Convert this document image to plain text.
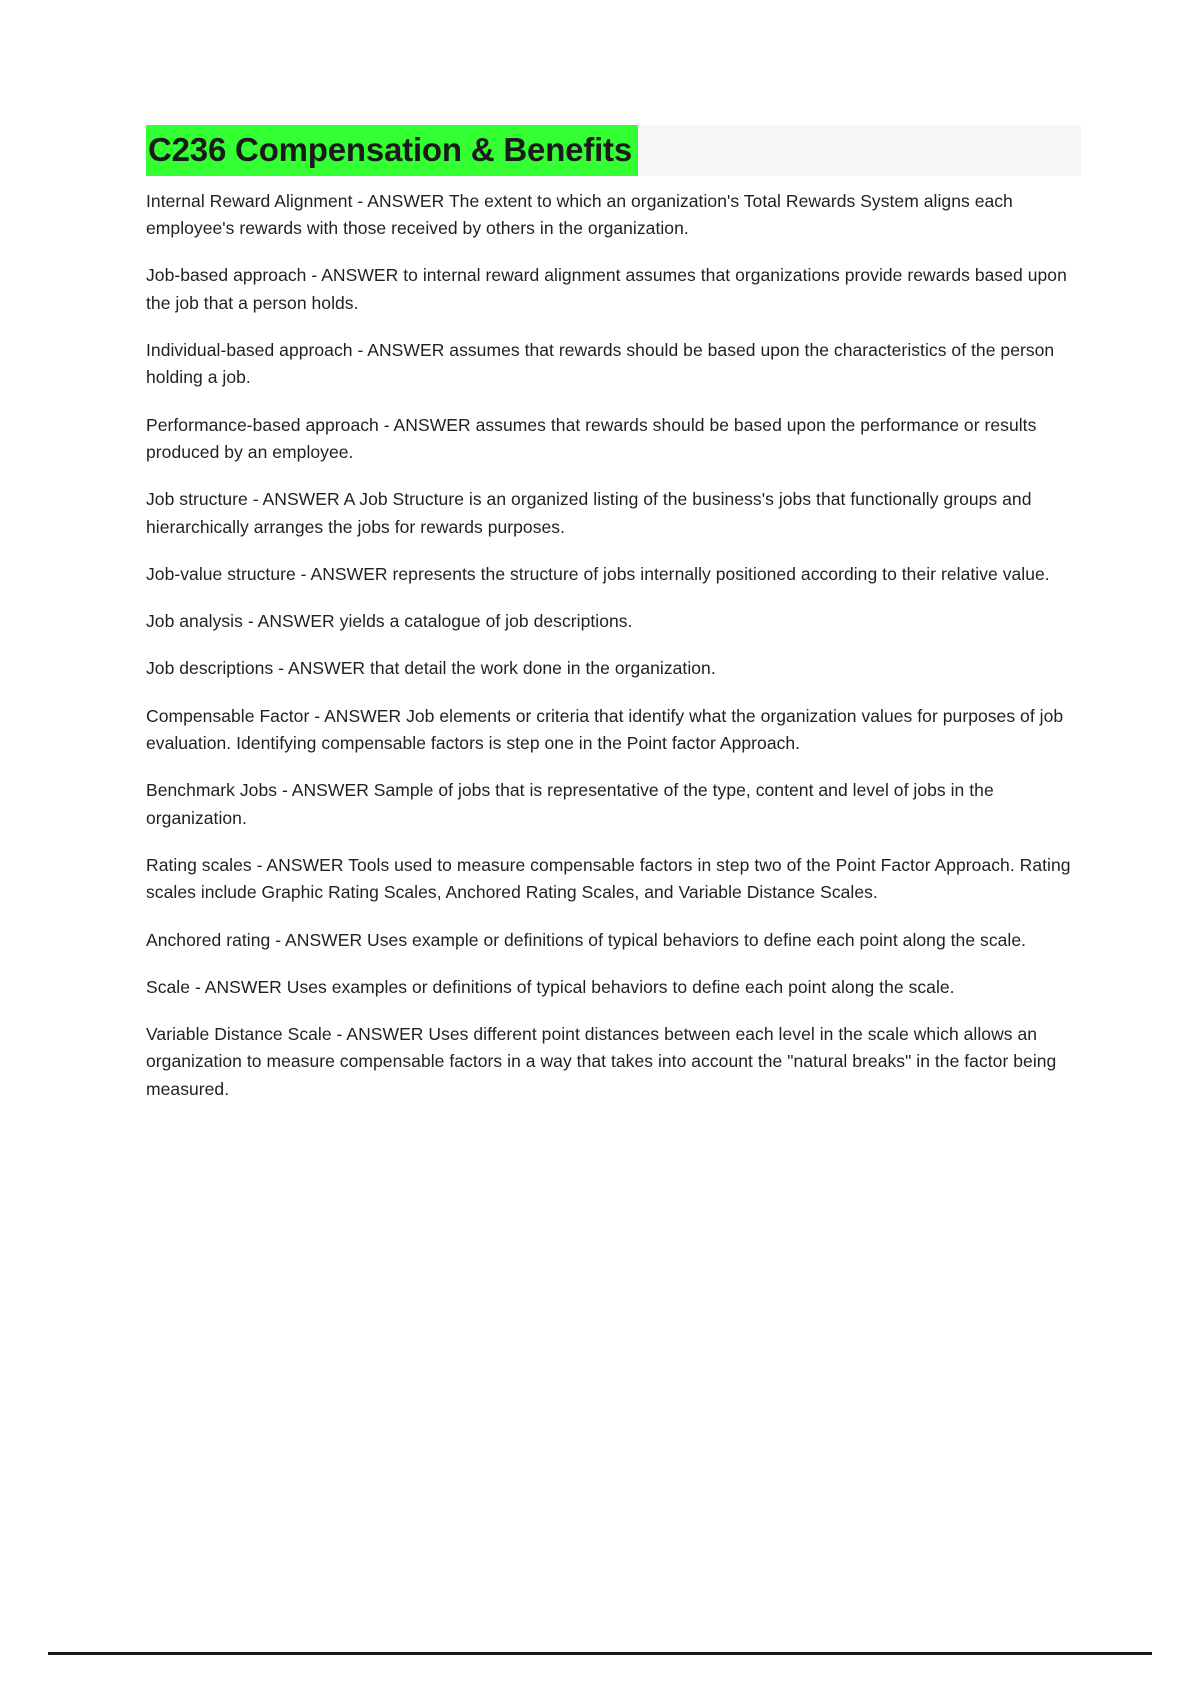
C236 Compensation & Benefits

Internal Reward Alignment - ANSWER The extent to which an organization's Total Rewards System aligns each employee's rewards with those received by others in the organization.

Job-based approach - ANSWER to internal reward alignment assumes that organizations provide rewards based upon the job that a person holds.

Individual-based approach - ANSWER assumes that rewards should be based upon the characteristics of the person holding a job.

Performance-based approach - ANSWER assumes that rewards should be based upon the performance or results produced by an employee.

Job structure - ANSWER A Job Structure is an organized listing of the business's jobs that functionally groups and hierarchically arranges the jobs for rewards purposes.

Job-value structure - ANSWER represents the structure of jobs internally positioned according to their relative value.

Job analysis - ANSWER yields a catalogue of job descriptions.

Job descriptions - ANSWER that detail the work done in the organization.

Compensable Factor - ANSWER Job elements or criteria that identify what the organization values for purposes of job evaluation. Identifying compensable factors is step one in the Point factor Approach.

Benchmark Jobs - ANSWER Sample of jobs that is representative of the type, content and level of jobs in the organization.

Rating scales - ANSWER Tools used to measure compensable factors in step two of the Point Factor Approach. Rating scales include Graphic Rating Scales, Anchored Rating Scales, and Variable Distance Scales.

Anchored rating - ANSWER Uses example or definitions of typical behaviors to define each point along the scale.

Scale - ANSWER Uses examples or definitions of typical behaviors to define each point along the scale.

Variable Distance Scale - ANSWER Uses different point distances between each level in the scale which allows an organization to measure compensable factors in a way that takes into account the "natural breaks" in the factor being measured.
